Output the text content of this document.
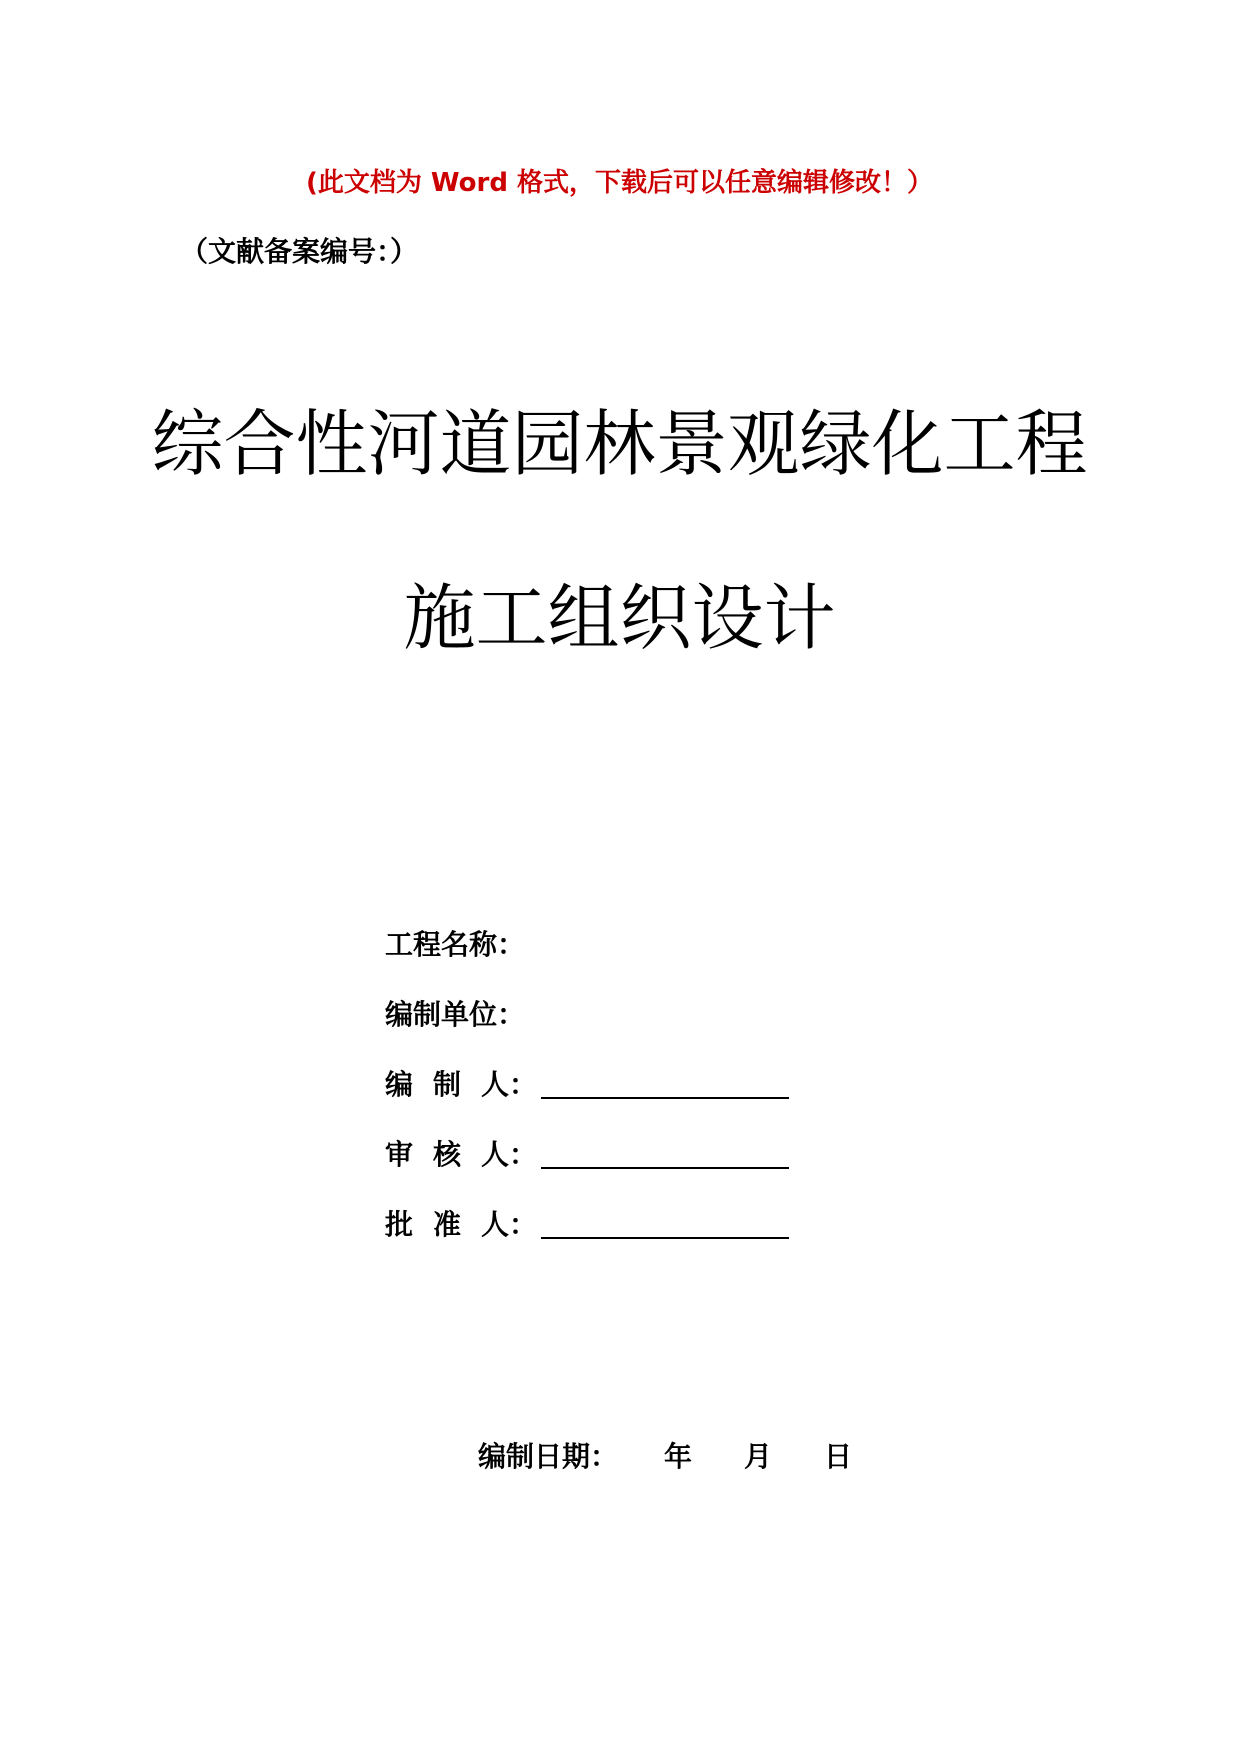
(此文档为 Word 格式，下载后可以任意编辑修改！）
（文献备案编号：）
综合性河道园林景观绿化工程
施工组织设计
工程名称：
编制单位：
编 制 人：
审 核 人：
批 准 人：
编制日期： 年 月 日
